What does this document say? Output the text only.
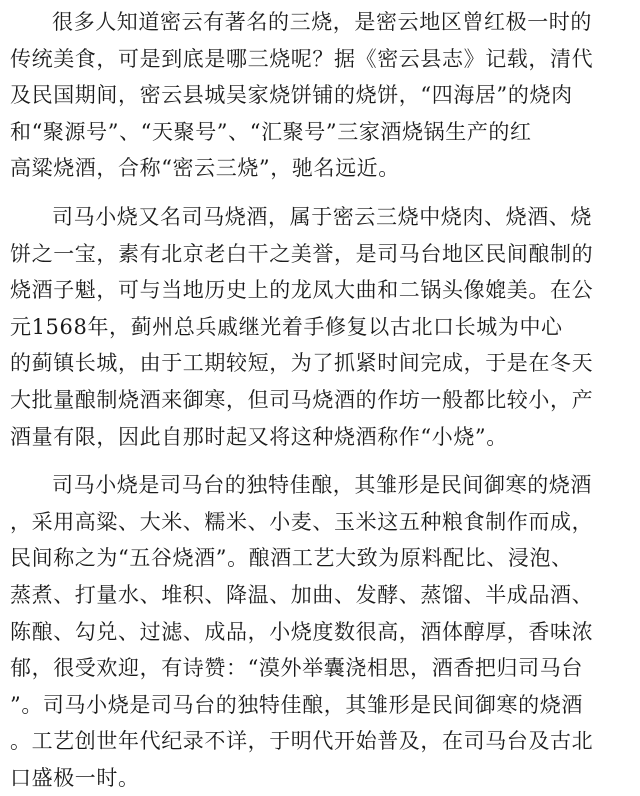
很多人知道密云有著名的三烧，是密云地区曾红极一时的
传统美食，可是到底是哪三烧呢？据《密云县志》记载，清代
及民国期间，密云县城吴家烧饼铺的烧饼，“四海居”的烧肉
和“聚源号”、“天聚号”、“汇聚号”三家酒烧锅生产的红
高粱烧酒，合称“密云三烧”，驰名远近。
司马小烧又名司马烧酒，属于密云三烧中烧肉、烧酒、烧
饼之一宝，素有北京老白干之美誉，是司马台地区民间酿制的
烧酒子魁，可与当地历史上的龙凤大曲和二锅头像媲美。在公
元1568年，蓟州总兵戚继光着手修复以古北口长城为中心
的蓟镇长城，由于工期较短，为了抓紧时间完成，于是在冬天
大批量酿制烧酒来御寒，但司马烧酒的作坊一般都比较小，产
酒量有限，因此自那时起又将这种烧酒称作“小烧”。
司马小烧是司马台的独特佳酿，其雏形是民间御寒的烧酒
，采用高粱、大米、糯米、小麦、玉米这五种粮食制作而成，
民间称之为“五谷烧酒”。酿酒工艺大致为原料配比、浸泡、
蒸煮、打量水、堆积、降温、加曲、发酵、蒸馏、半成品酒、
陈酿、勾兑、过滤、成品，小烧度数很高，酒体醇厚，香味浓
郁，很受欢迎，有诗赞：“漠外举囊浇相思，酒香把归司马台
”。司马小烧是司马台的独特佳酿，其雏形是民间御寒的烧酒
。工艺创世年代纪录不详，于明代开始普及，在司马台及古北
口盛极一时。
